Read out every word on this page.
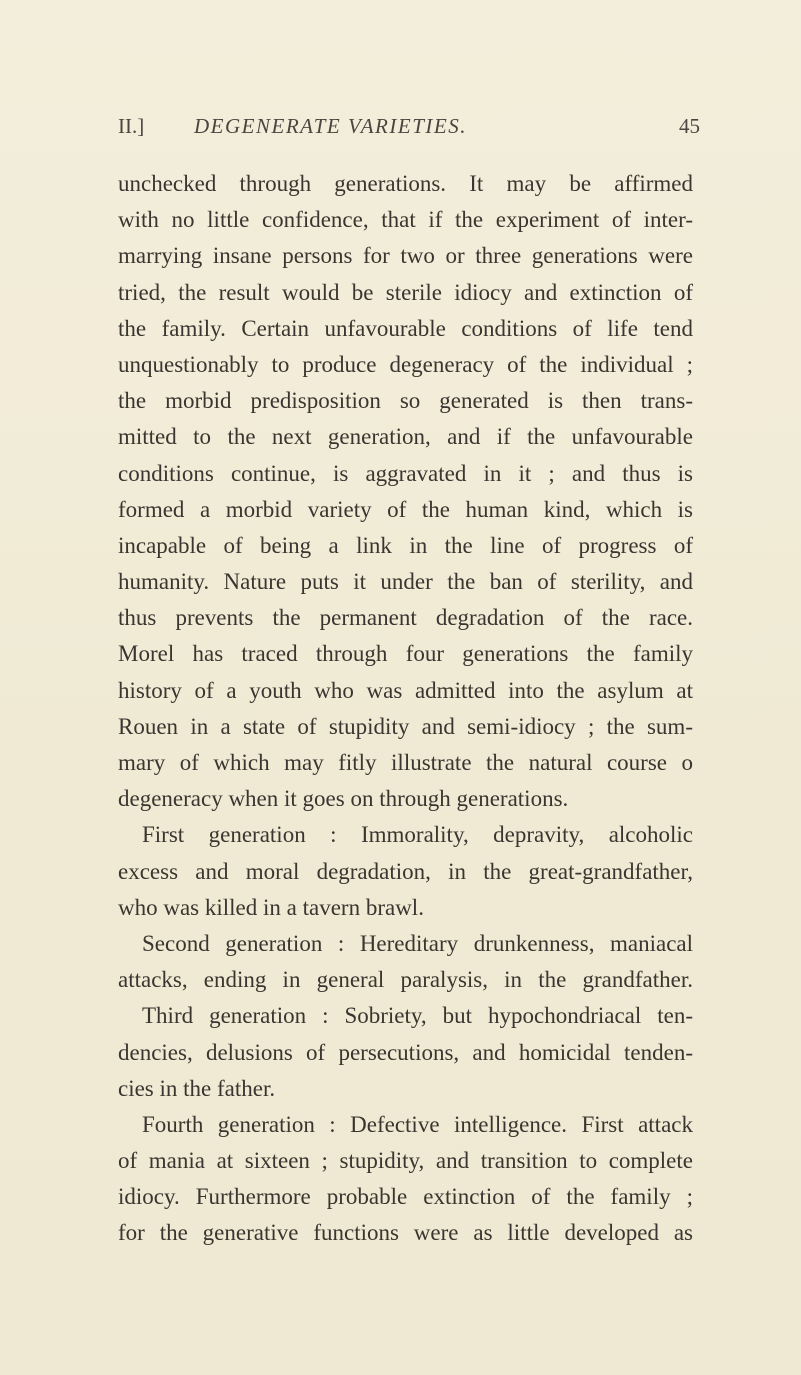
II.] DEGENERATE VARIETIES.	45
unchecked through generations. It may be affirmed
with no little confidence, that if the experiment of inter-
marrying insane persons for two or three generations were
tried, the result would be sterile idiocy and extinction of
the family. Certain unfavourable conditions of life tend
unquestionably to produce degeneracy of the individual ;
the morbid predisposition so generated is then trans-
mitted to the next generation, and if the unfavourable
conditions continue, is aggravated in it ; and thus is
formed a morbid variety of the human kind, which is
incapable of being a link in the line of progress of
humanity. Nature puts it under the ban of sterility, and
thus prevents the permanent degradation of the race.
Morel has traced through four generations the family
history of a youth who was admitted into the asylum at
Rouen in a state of stupidity and semi-idiocy ; the sum-
mary of which may fitly illustrate the natural course o
degeneracy when it goes on through generations.
First generation : Immorality, depravity, alcoholic
excess and moral degradation, in the great-grandfather,
who was killed in a tavern brawl.
Second generation : Hereditary drunkenness, maniacal
attacks, ending in general paralysis, in the grandfather.
Third generation : Sobriety, but hypochondriacal ten-
dencies, delusions of persecutions, and homicidal tenden-
cies in the father.
Fourth generation : Defective intelligence. First attack
of mania at sixteen ; stupidity, and transition to complete
idiocy. Furthermore probable extinction of the family ;
for the generative functions were as little developed as
